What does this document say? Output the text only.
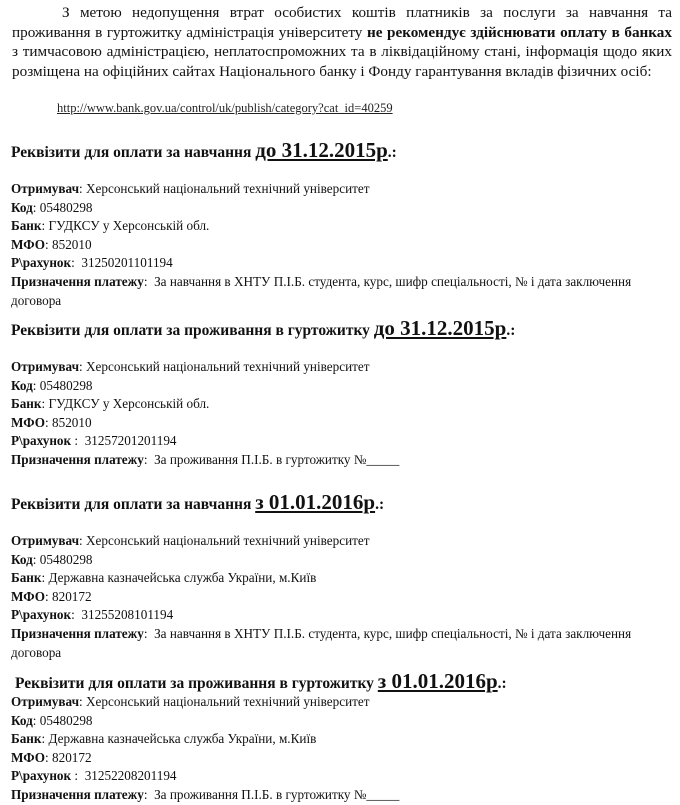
З метою недопущення втрат особистих коштів платників за послуги за навчання та проживання в гуртожитку адміністрація університету не рекомендує здійснювати оплату в банках з тимчасовою адміністрацією, неплатоспроможних та в ліквідаційному стані, інформація щодо яких розміщена на офіційних сайтах Національного банку і Фонду гарантування вкладів фізичних осіб:

http://www.bank.gov.ua/control/uk/publish/category?cat_id=40259
Реквізити для оплати за навчання до 31.12.2015р.:
Отримувач: Херсонський національний технічний університет
Код: 05480298
Банк: ГУДКСУ у Херсонській обл.
МФО: 852010
Р\рахунок:  31250201101194
Призначення платежу:  За навчання в ХНТУ П.І.Б. студента, курс, шифр спеціальності, № і дата заключення договора
Реквізити для оплати за проживання в гуртожитку до 31.12.2015р.:
Отримувач: Херсонський національний технічний університет
Код: 05480298
Банк: ГУДКСУ у Херсонській обл.
МФО: 852010
Р\рахунок :  31257201201194
Призначення платежу:  За проживання П.І.Б. в гуртожитку №_____
Реквізити для оплати за навчання з 01.01.2016р.:
Отримувач: Херсонський національний технічний університет
Код: 05480298
Банк: Державна казначейська служба України, м.Київ
МФО: 820172
Р\рахунок:  31255208101194
Призначення платежу:  За навчання в ХНТУ П.І.Б. студента, курс, шифр спеціальності, № і дата заключення договора
Реквізити для оплати за проживання в гуртожитку з 01.01.2016р.:
Отримувач: Херсонський національний технічний університет
Код: 05480298
Банк: Державна казначейська служба України, м.Київ
МФО: 820172
Р\рахунок :  31252208201194
Призначення платежу:  За проживання П.І.Б. в гуртожитку №_____
